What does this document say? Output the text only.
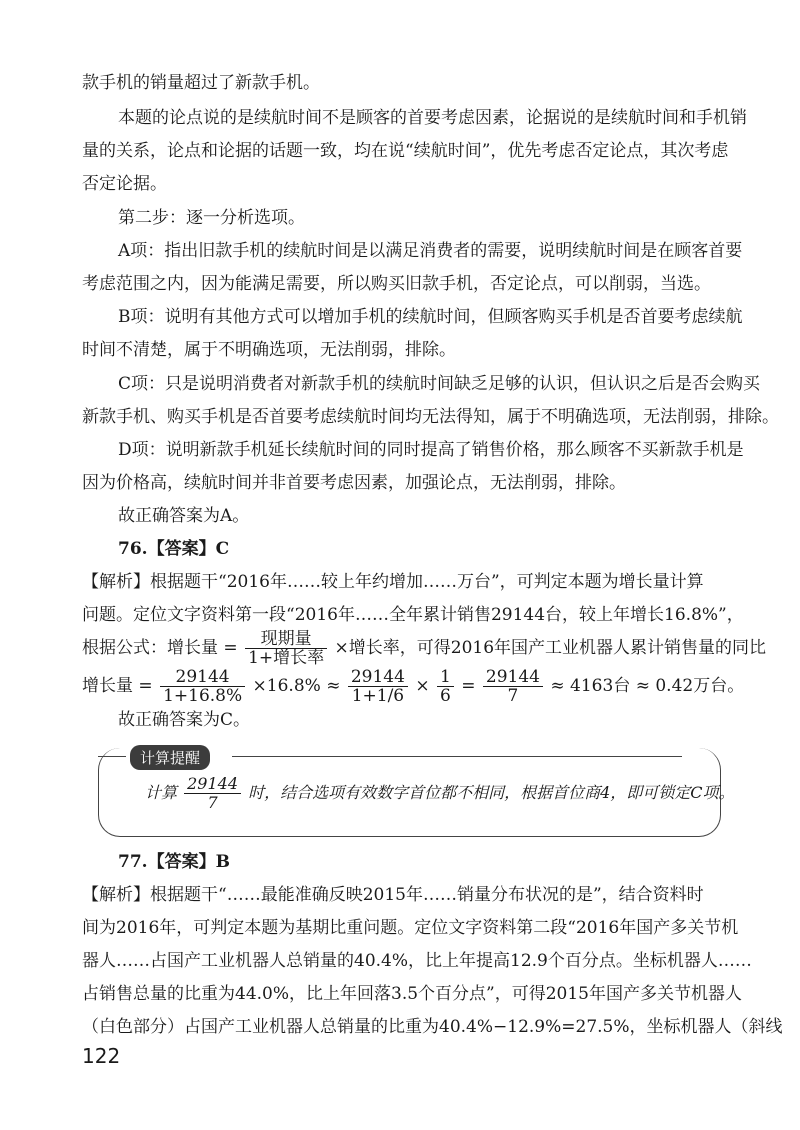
款手机的销量超过了新款手机。
本题的论点说的是续航时间不是顾客的首要考虑因素，论据说的是续航时间和手机销
量的关系，论点和论据的话题一致，均在说“续航时间”，优先考虑否定论点，其次考虑
否定论据。
第二步：逐一分析选项。
A项：指出旧款手机的续航时间是以满足消费者的需要，说明续航时间是在顾客首要
考虑范围之内，因为能满足需要，所以购买旧款手机，否定论点，可以削弱，当选。
B项：说明有其他方式可以增加手机的续航时间，但顾客购买手机是否首要考虑续航
时间不清楚，属于不明确选项，无法削弱，排除。
C项：只是说明消费者对新款手机的续航时间缺乏足够的认识，但认识之后是否会购买
新款手机、购买手机是否首要考虑续航时间均无法得知，属于不明确选项，无法削弱，排除。
D项：说明新款手机延长续航时间的同时提高了销售价格，那么顾客不买新款手机是
因为价格高，续航时间并非首要考虑因素，加强论点，无法削弱，排除。
故正确答案为A。
76.【答案】C
【解析】根据题干“2016年……较上年约增加……万台”，可判定本题为增长量计算
问题。定位文字资料第一段“2016年……全年累计销售29144台，较上年增长16.8%”，
根据公式：增长量 = $\frac{\text{现期量}}{\text{1+增长率}}$ ×增长率，可得2016年国产工业机器人累计销售量的同比
增长量 = $\frac{29144}{1+16.8\%} \times 16.8\% \approx \frac{29144}{1+1/6} \times \frac{1}{6} = \frac{29144}{7} \approx 4163$台 ≈ 0.42万台。
故正确答案为C。
计算提醒
计算 $\frac{29144}{7}$ 时，结合选项有效数字首位都不相同，根据首位商4，即可锁定C项。
77.【答案】B
【解析】根据题干“……最能准确反映2015年……销量分布状况的是”，结合资料时
间为2016年，可判定本题为基期比重问题。定位文字资料第二段“2016年国产多关节机
器人……占国产工业机器人总销量的40.4%，比上年提高12.9个百分点。坐标机器人……
占销售总量的比重为44.0%，比上年回落3.5个百分点”，可得2015年国产多关节机器人
（白色部分）占国产工业机器人总销量的比重为40.4%−12.9%=27.5%，坐标机器人（斜线
122
